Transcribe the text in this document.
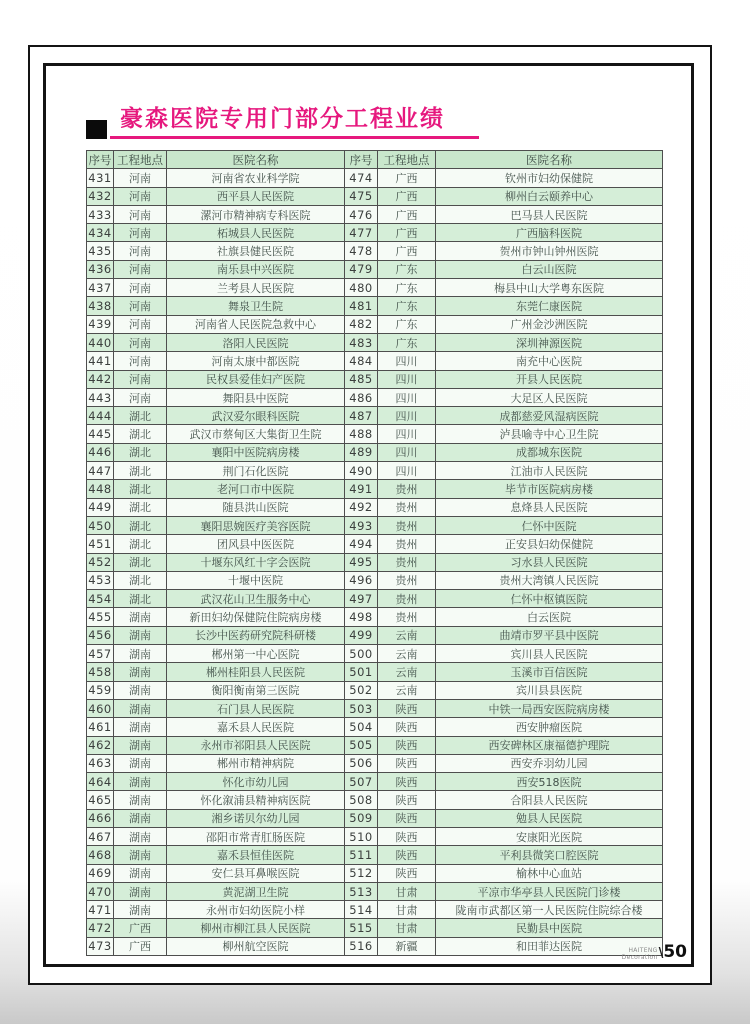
豪森医院专用门部分工程业绩
序号	工程地点	医院名称	序号	工程地点	医院名称
431	河南	河南省农业科学院	474	广西	钦州市妇幼保健院
432	河南	西平县人民医院	475	广西	柳州白云颐养中心
433	河南	漯河市精神病专科医院	476	广西	巴马县人民医院
434	河南	柘城县人民医院	477	广西	广西脑科医院
435	河南	社旗县健民医院	478	广西	贺州市钟山钟州医院
436	河南	南乐县中兴医院	479	广东	白云山医院
437	河南	兰考县人民医院	480	广东	梅县中山大学粤东医院
438	河南	舞泉卫生院	481	广东	东莞仁康医院
439	河南	河南省人民医院急救中心	482	广东	广州金沙洲医院
440	河南	洛阳人民医院	483	广东	深圳神源医院
441	河南	河南太康中都医院	484	四川	南充中心医院
442	河南	民权县爱佳妇产医院	485	四川	开县人民医院
443	河南	舞阳县中医院	486	四川	大足区人民医院
444	湖北	武汉爱尔眼科医院	487	四川	成都慈爱风湿病医院
445	湖北	武汉市蔡甸区大集街卫生院	488	四川	泸县喻寺中心卫生院
446	湖北	襄阳中医院病房楼	489	四川	成都城东医院
447	湖北	荆门石化医院	490	四川	江油市人民医院
448	湖北	老河口市中医院	491	贵州	毕节市医院病房楼
449	湖北	随县洪山医院	492	贵州	息烽县人民医院
450	湖北	襄阳思婉医疗美容医院	493	贵州	仁怀中医院
451	湖北	团风县中医医院	494	贵州	正安县妇幼保健院
452	湖北	十堰东风红十字会医院	495	贵州	习水县人民医院
453	湖北	十堰中医院	496	贵州	贵州大湾镇人民医院
454	湖北	武汉花山卫生服务中心	497	贵州	仁怀中枢镇医院
455	湖南	新田妇幼保健院住院病房楼	498	贵州	白云医院
456	湖南	长沙中医药研究院科研楼	499	云南	曲靖市罗平县中医院
457	湖南	郴州第一中心医院	500	云南	宾川县人民医院
458	湖南	郴州桂阳县人民医院	501	云南	玉溪市百信医院
459	湖南	衡阳衡南第三医院	502	云南	宾川县县医院
460	湖南	石门县人民医院	503	陕西	中铁一局西安医院病房楼
461	湖南	嘉禾县人民医院	504	陕西	西安肿瘤医院
462	湖南	永州市祁阳县人民医院	505	陕西	西安碑林区康福德护理院
463	湖南	郴州市精神病院	506	陕西	西安乔羽幼儿园
464	湖南	怀化市幼儿园	507	陕西	西安518医院
465	湖南	怀化溆浦县精神病医院	508	陕西	合阳县人民医院
466	湖南	湘乡诺贝尔幼儿园	509	陕西	勉县人民医院
467	湖南	邵阳市常青肛肠医院	510	陕西	安康阳光医院
468	湖南	嘉禾县恒佳医院	511	陕西	平利县微笑口腔医院
469	湖南	安仁县耳鼻喉医院	512	陕西	榆林中心血站
470	湖南	黄泥湖卫生院	513	甘肃	平凉市华亭县人民医院门诊楼
471	湖南	永州市妇幼医院小样	514	甘肃	陇南市武都区第一人民医院住院综合楼
472	广西	柳州市柳江县人民医院	515	甘肃	民勤县中医院
473	广西	柳州航空医院	516	新疆	和田菲达医院	HAITENG
Decoration \ 50
